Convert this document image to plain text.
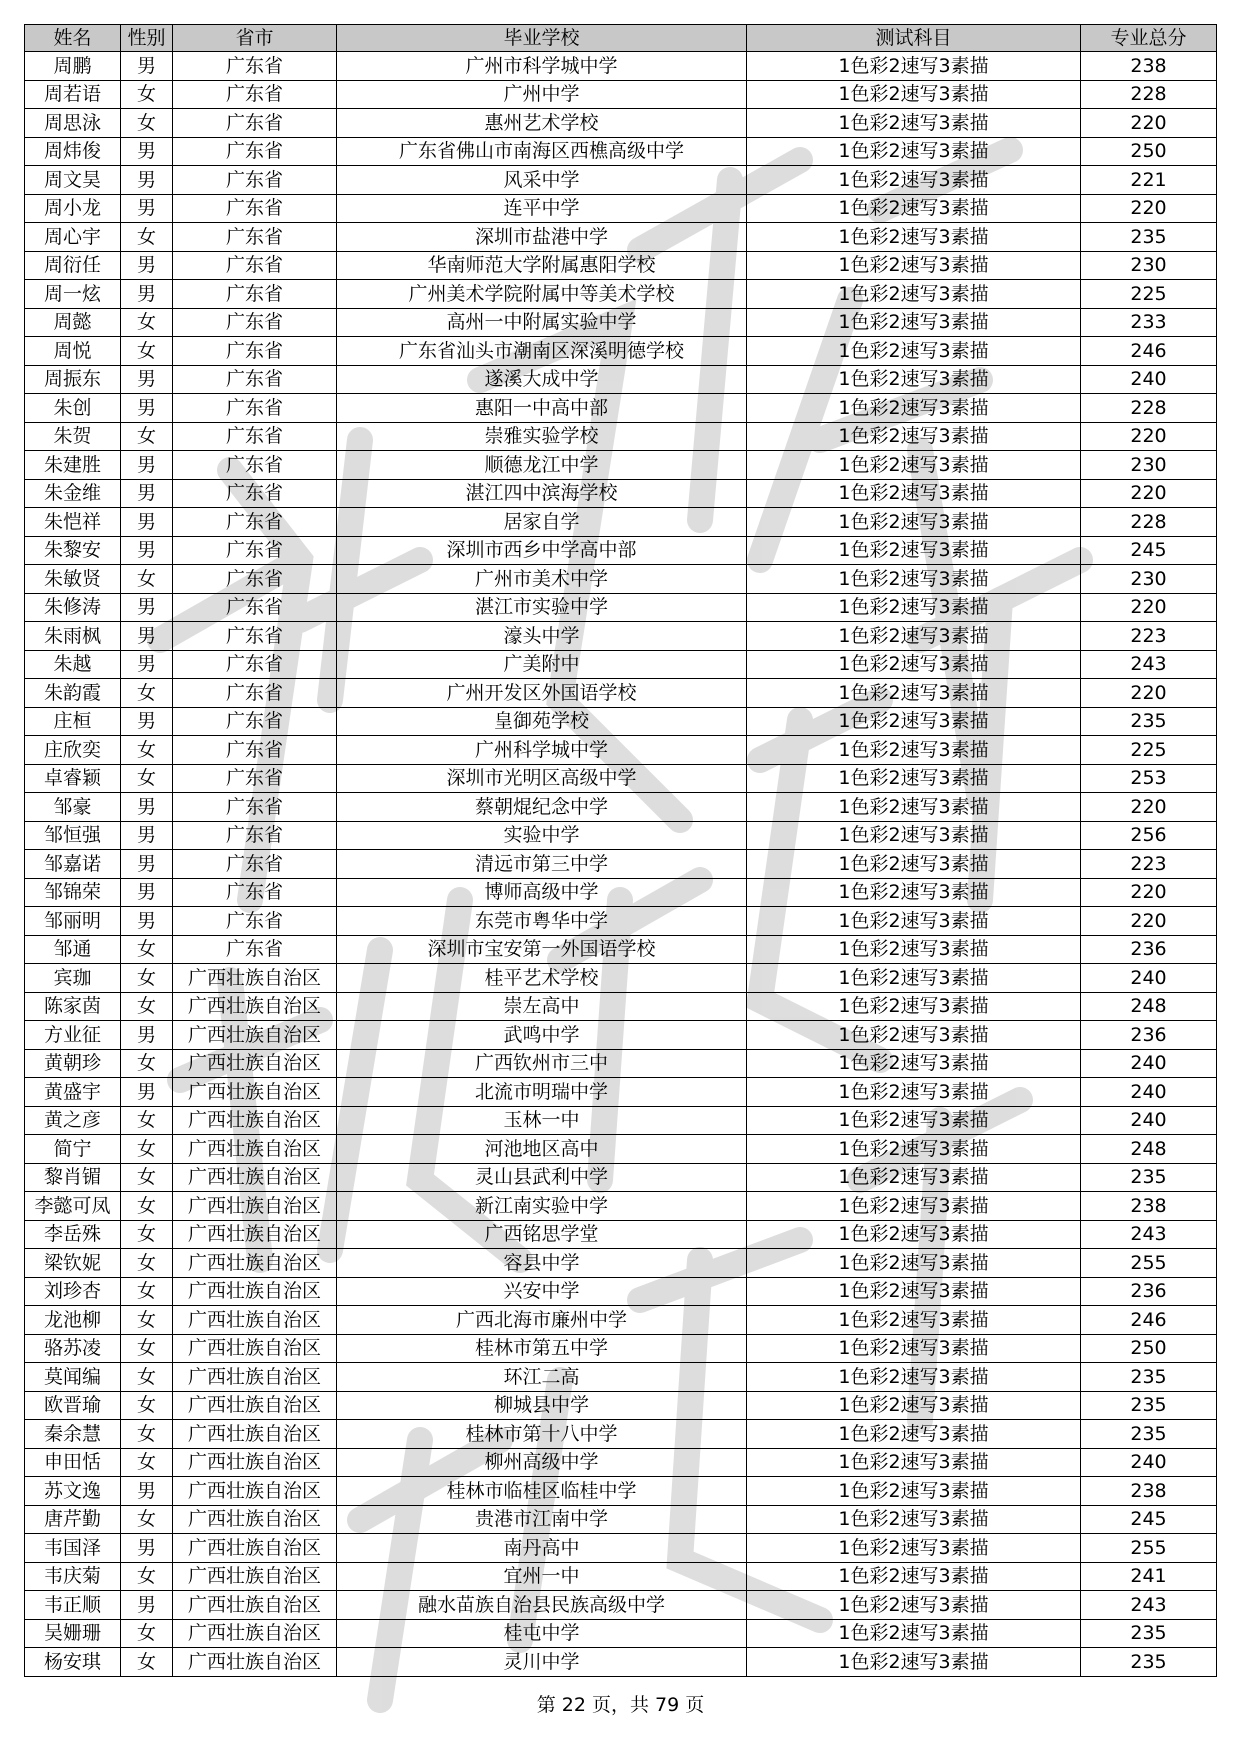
姓名	性别	省市	毕业学校	测试科目	专业总分
周鹏	男	广东省	广州市科学城中学	1色彩2速写3素描	238
周若语	女	广东省	广州中学	1色彩2速写3素描	228
周思泳	女	广东省	惠州艺术学校	1色彩2速写3素描	220
周炜俊	男	广东省	广东省佛山市南海区西樵高级中学	1色彩2速写3素描	250
周文昊	男	广东省	风采中学	1色彩2速写3素描	221
周小龙	男	广东省	连平中学	1色彩2速写3素描	220
周心宇	女	广东省	深圳市盐港中学	1色彩2速写3素描	235
周衍任	男	广东省	华南师范大学附属惠阳学校	1色彩2速写3素描	230
周一炫	男	广东省	广州美术学院附属中等美术学校	1色彩2速写3素描	225
周懿	女	广东省	高州一中附属实验中学	1色彩2速写3素描	233
周悦	女	广东省	广东省汕头市潮南区深溪明德学校	1色彩2速写3素描	246
周振东	男	广东省	遂溪大成中学	1色彩2速写3素描	240
朱创	男	广东省	惠阳一中高中部	1色彩2速写3素描	228
朱贺	女	广东省	崇雅实验学校	1色彩2速写3素描	220
朱建胜	男	广东省	顺德龙江中学	1色彩2速写3素描	230
朱金维	男	广东省	湛江四中滨海学校	1色彩2速写3素描	220
朱恺祥	男	广东省	居家自学	1色彩2速写3素描	228
朱黎安	男	广东省	深圳市西乡中学高中部	1色彩2速写3素描	245
朱敏贤	女	广东省	广州市美术中学	1色彩2速写3素描	230
朱修涛	男	广东省	湛江市实验中学	1色彩2速写3素描	220
朱雨枫	男	广东省	濠头中学	1色彩2速写3素描	223
朱越	男	广东省	广美附中	1色彩2速写3素描	243
朱韵霞	女	广东省	广州开发区外国语学校	1色彩2速写3素描	220
庄桓	男	广东省	皇御苑学校	1色彩2速写3素描	235
庄欣奕	女	广东省	广州科学城中学	1色彩2速写3素描	225
卓睿颖	女	广东省	深圳市光明区高级中学	1色彩2速写3素描	253
邹豪	男	广东省	蔡朝焜纪念中学	1色彩2速写3素描	220
邹恒强	男	广东省	实验中学	1色彩2速写3素描	256
邹嘉诺	男	广东省	清远市第三中学	1色彩2速写3素描	223
邹锦荣	男	广东省	博师高级中学	1色彩2速写3素描	220
邹丽明	男	广东省	东莞市粤华中学	1色彩2速写3素描	220
邹通	女	广东省	深圳市宝安第一外国语学校	1色彩2速写3素描	236
宾珈	女	广西壮族自治区	桂平艺术学校	1色彩2速写3素描	240
陈家茵	女	广西壮族自治区	崇左高中	1色彩2速写3素描	248
方业征	男	广西壮族自治区	武鸣中学	1色彩2速写3素描	236
黄朝珍	女	广西壮族自治区	广西钦州市三中	1色彩2速写3素描	240
黄盛宇	男	广西壮族自治区	北流市明瑞中学	1色彩2速写3素描	240
黄之彦	女	广西壮族自治区	玉林一中	1色彩2速写3素描	240
简宁	女	广西壮族自治区	河池地区高中	1色彩2速写3素描	248
黎肖镅	女	广西壮族自治区	灵山县武利中学	1色彩2速写3素描	235
李懿可凤	女	广西壮族自治区	新江南实验中学	1色彩2速写3素描	238
李岳殊	女	广西壮族自治区	广西铭思学堂	1色彩2速写3素描	243
梁钦妮	女	广西壮族自治区	容县中学	1色彩2速写3素描	255
刘珍杏	女	广西壮族自治区	兴安中学	1色彩2速写3素描	236
龙池柳	女	广西壮族自治区	广西北海市廉州中学	1色彩2速写3素描	246
骆苏凌	女	广西壮族自治区	桂林市第五中学	1色彩2速写3素描	250
莫闻编	女	广西壮族自治区	环江二高	1色彩2速写3素描	235
欧晋瑜	女	广西壮族自治区	柳城县中学	1色彩2速写3素描	235
秦余慧	女	广西壮族自治区	桂林市第十八中学	1色彩2速写3素描	235
申田恬	女	广西壮族自治区	柳州高级中学	1色彩2速写3素描	240
苏文逸	男	广西壮族自治区	桂林市临桂区临桂中学	1色彩2速写3素描	238
唐芹勤	女	广西壮族自治区	贵港市江南中学	1色彩2速写3素描	245
韦国泽	男	广西壮族自治区	南丹高中	1色彩2速写3素描	255
韦庆菊	女	广西壮族自治区	宜州一中	1色彩2速写3素描	241
韦正顺	男	广西壮族自治区	融水苗族自治县民族高级中学	1色彩2速写3素描	243
吴姗珊	女	广西壮族自治区	桂屯中学	1色彩2速写3素描	235
杨安琪	女	广西壮族自治区	灵川中学	1色彩2速写3素描	235
第 22 页，共 79 页
